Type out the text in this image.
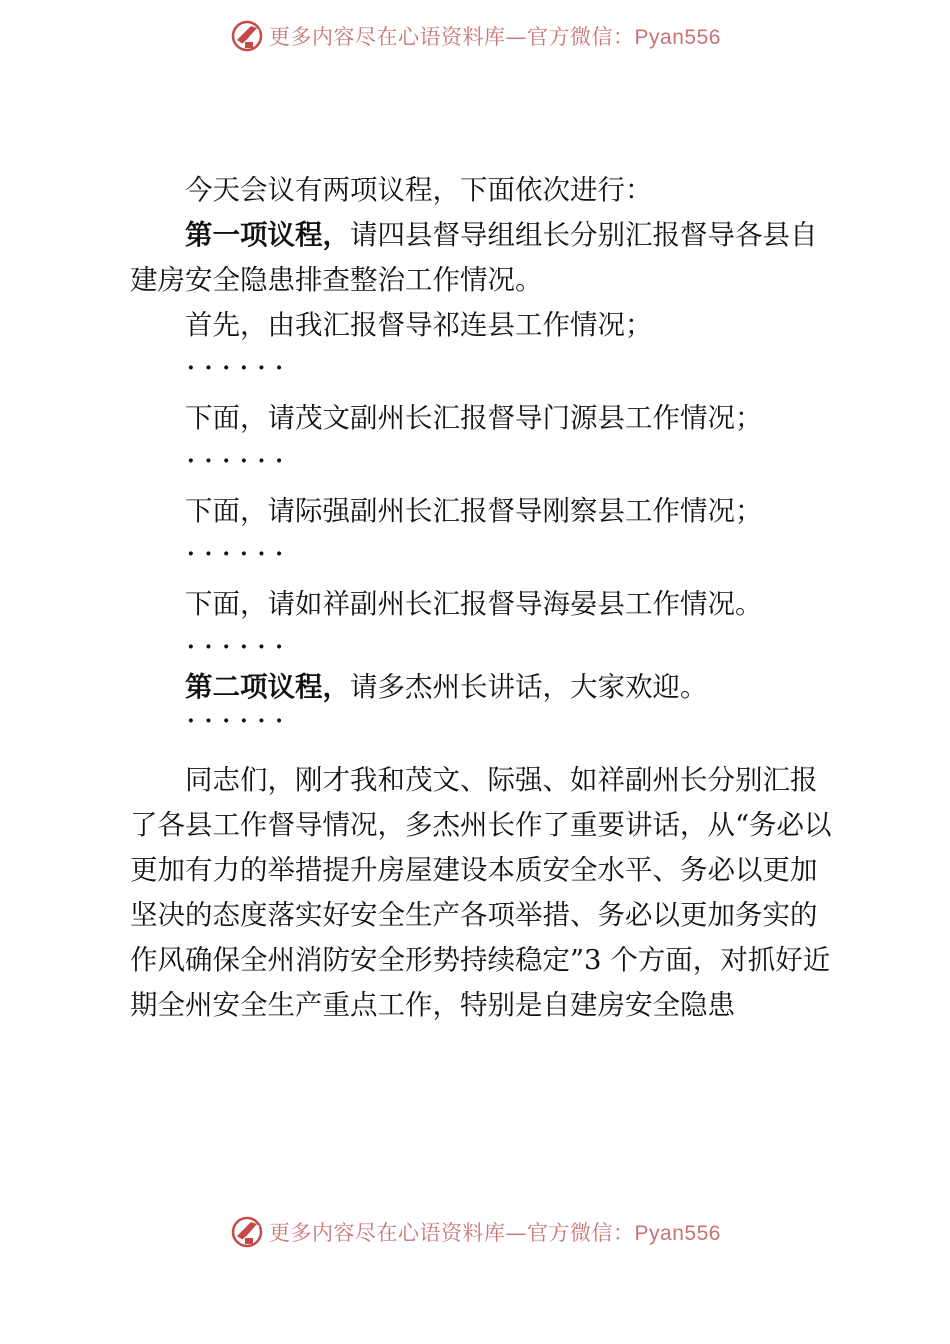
更多内容尽在心语资料库—官方微信：Pyan556

今天会议有两项议程，下面依次进行：

第一项议程，请四县督导组组长分别汇报督导各县自建房安全隐患排查整治工作情况。

首先，由我汇报督导祁连县工作情况；

······

下面，请茂文副州长汇报督导门源县工作情况；

······

下面，请际强副州长汇报督导刚察县工作情况；

······

下面，请如祥副州长汇报督导海晏县工作情况。

······

第二项议程，请多杰州长讲话，大家欢迎。

······

同志们，刚才我和茂文、际强、如祥副州长分别汇报了各县工作督导情况，多杰州长作了重要讲话，从“务必以更加有力的举措提升房屋建设本质安全水平、务必以更加坚决的态度落实好安全生产各项举措、务必以更加务实的作风确保全州消防安全形势持续稳定”3 个方面，对抓好近期全州安全生产重点工作，特别是自建房安全隐患

更多内容尽在心语资料库—官方微信：Pyan556
